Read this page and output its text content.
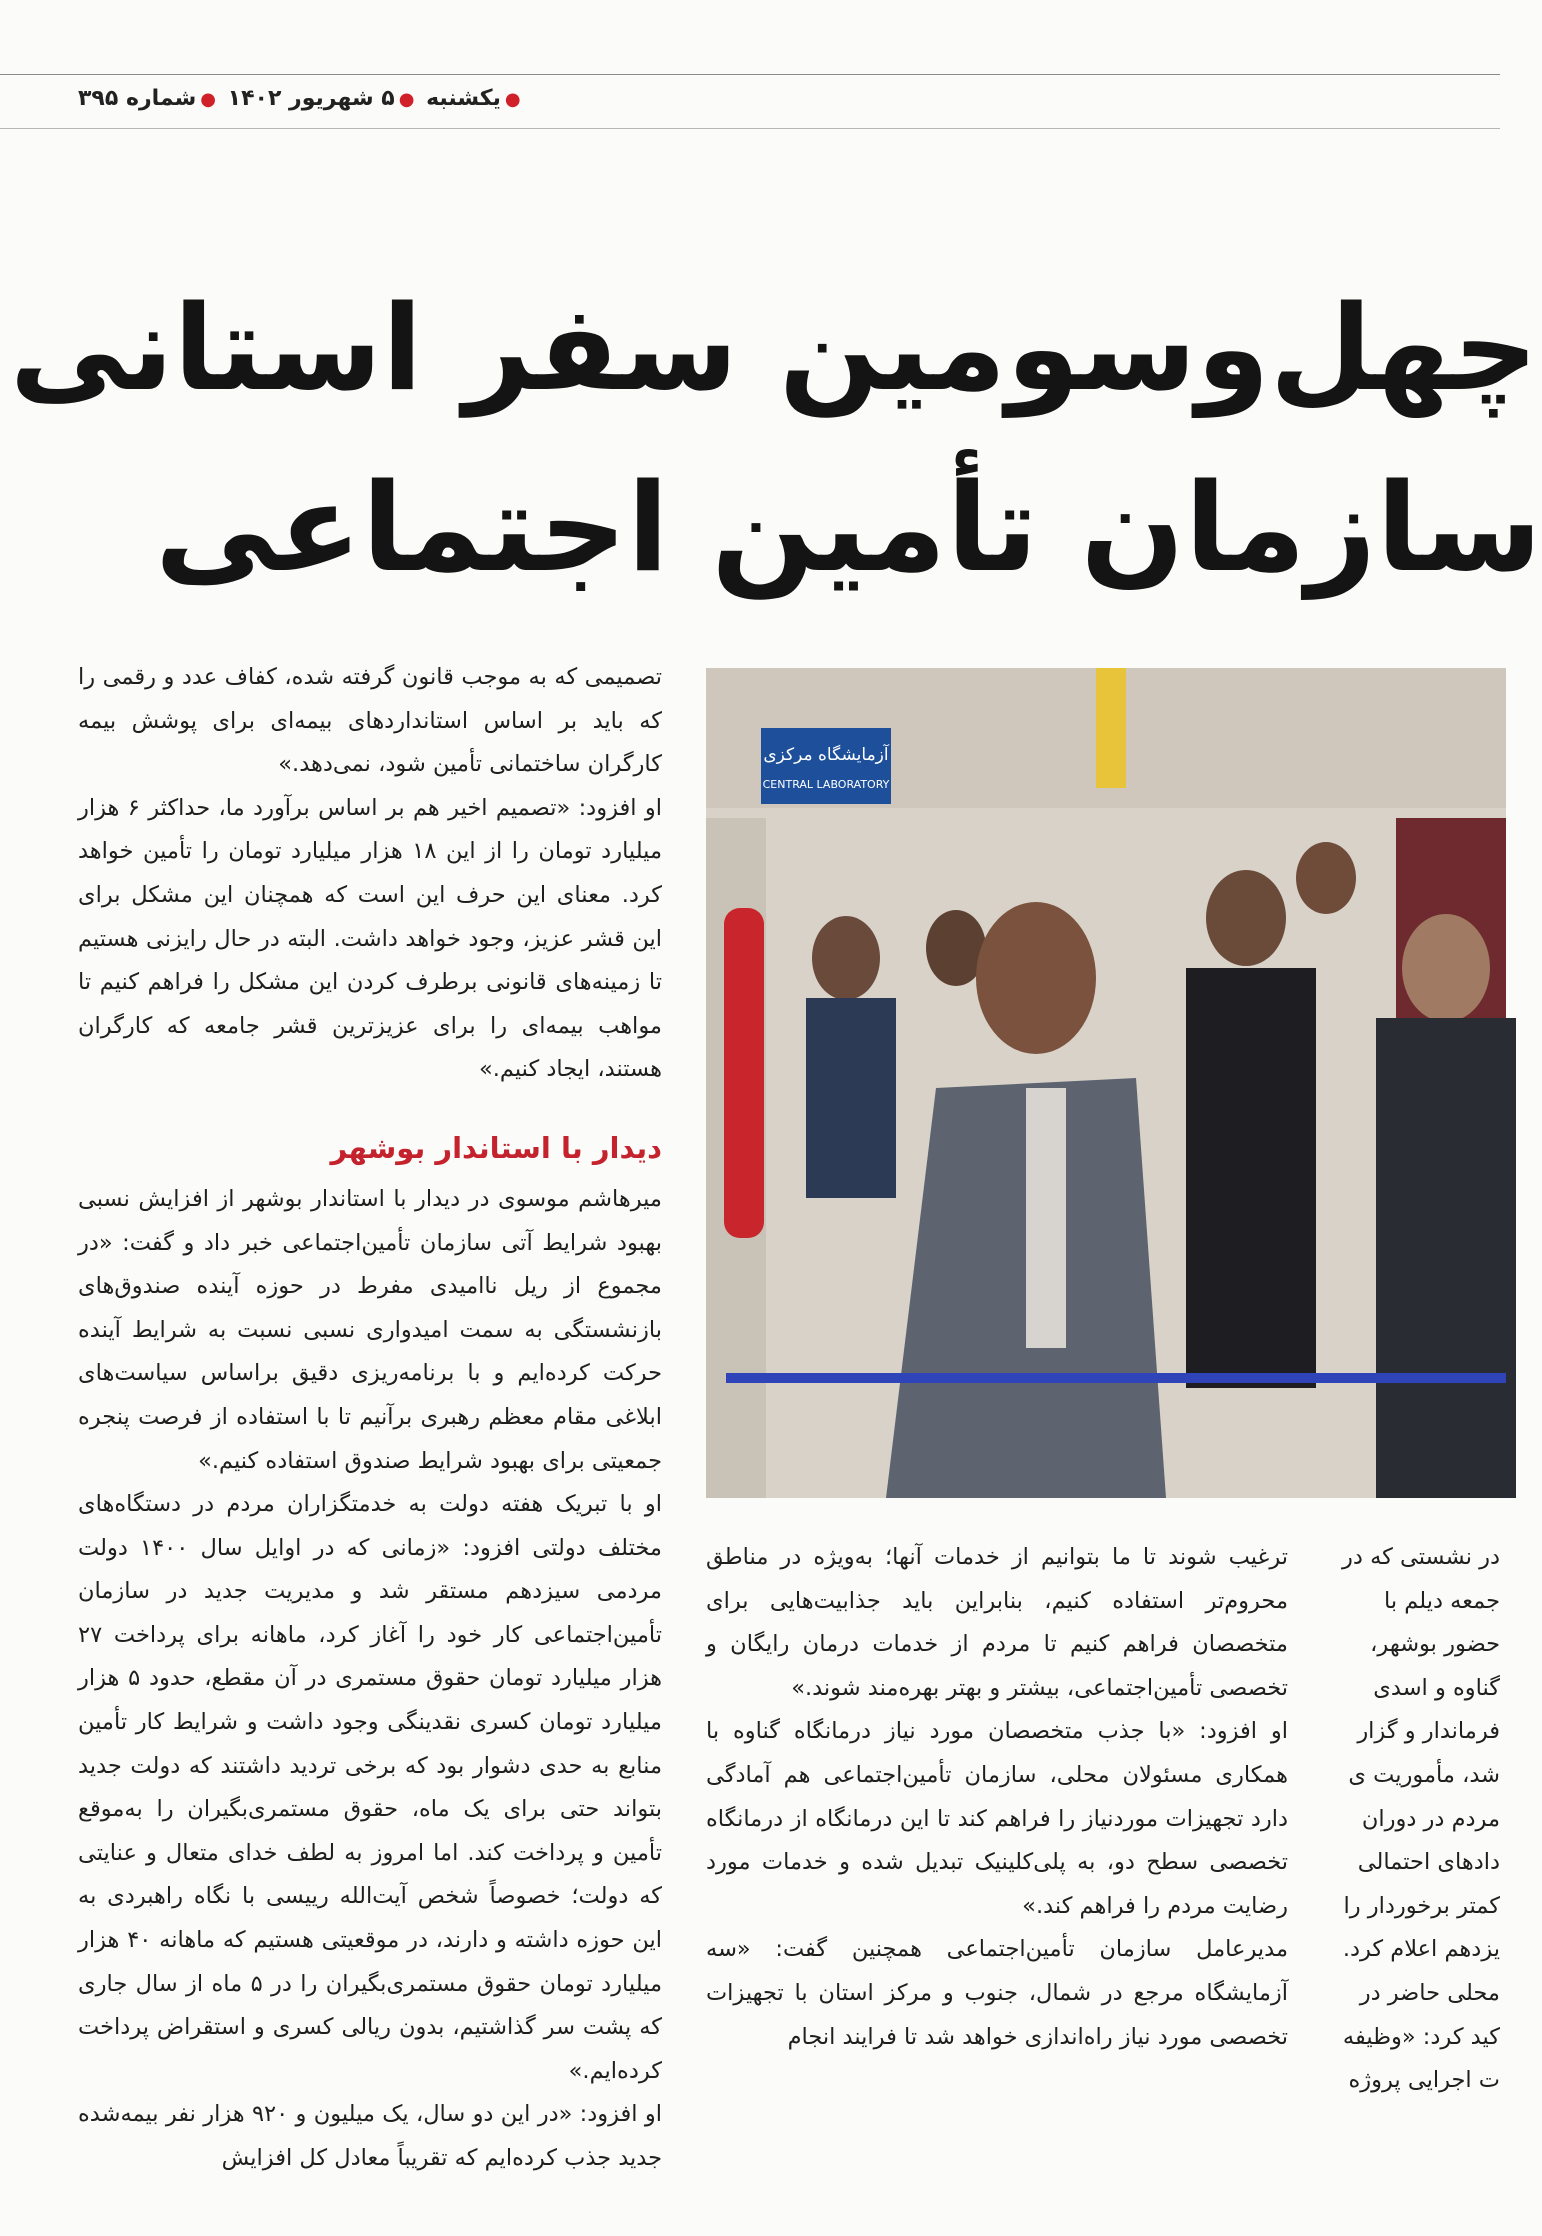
●یکشنبه ●۵ شهریور ۱۴۰۲ ●شماره ۳۹۵
چهل‌وسومین سفر استانی
سازمان تأمین اجتماعی
آزمایشگاه مرکزی
CENTRAL LABORATORY

تصمیمی که به موجب قانون گرفته شده، کفاف عدد و رقمی را که باید بر اساس استانداردهای بیمه‌ای برای پوشش بیمه کارگران ساختمانی تأمین شود، نمی‌دهد.»

او افزود: «تصمیم اخیر هم بر اساس برآورد ما، حداکثر ۶ هزار میلیارد تومان را از این ۱۸ هزار میلیارد تومان را تأمین خواهد کرد. معنای این حرف این است که همچنان این مشکل برای این قشر عزیز، وجود خواهد داشت. البته در حال رایزنی هستیم تا زمینه‌های قانونی برطرف کردن این مشکل را فراهم کنیم تا مواهب بیمه‌ای را برای عزیزترین قشر جامعه که کارگران هستند، ایجاد کنیم.»

دیدار با استاندار بوشهر

میرهاشم موسوی در دیدار با استاندار بوشهر از افزایش نسبی بهبود شرایط آتی سازمان تأمین‌اجتماعی خبر داد و گفت: «در مجموع از ریل ناامیدی مفرط در حوزه آینده صندوق‌های بازنشستگی به سمت امیدواری نسبی نسبت به شرایط آینده حرکت کرده‌ایم و با برنامه‌ریزی دقیق براساس سیاست‌های ابلاغی مقام معظم رهبری برآنیم تا با استفاده از فرصت پنجره جمعیتی برای بهبود شرایط صندوق استفاده کنیم.»

او با تبریک هفته دولت به خدمتگزاران مردم در دستگاه‌های مختلف دولتی افزود: «زمانی که در اوایل سال ۱۴۰۰ دولت مردمی سیزدهم مستقر شد و مدیریت جدید در سازمان تأمین‌اجتماعی کار خود را آغاز کرد، ماهانه برای پرداخت ۲۷ هزار میلیارد تومان حقوق مستمری در آن مقطع، حدود ۵ هزار میلیارد تومان کسری نقدینگی وجود داشت و شرایط کار تأمین منابع به حدی دشوار بود که برخی تردید داشتند که دولت جدید بتواند حتی برای یک ماه، حقوق مستمری‌بگیران را به‌موقع تأمین و پرداخت کند. اما امروز به لطف خدای متعال و عنایتی که دولت؛ خصوصاً شخص آیت‌الله رییسی با نگاه راهبردی به این حوزه داشته و دارند، در موقعیتی هستیم که ماهانه ۴۰ هزار میلیارد تومان حقوق مستمری‌بگیران را در ۵ ماه از سال جاری که پشت سر گذاشتیم، بدون ریالی کسری و استقراض پرداخت کرده‌ایم.»

او افزود: «در این دو سال، یک میلیون و ۹۲۰ هزار نفر بیمه‌شده جدید جذب کرده‌ایم که تقریباً معادل کل افزایش

ترغیب شوند تا ما بتوانیم از خدمات آنها؛ به‌ویژه در مناطق محروم‌تر استفاده کنیم، بنابراین باید جذابیت‌هایی برای متخصصان فراهم کنیم تا مردم از خدمات درمان رایگان و تخصصی تأمین‌اجتماعی، بیشتر و بهتر بهره‌مند شوند.»

او افزود: «با جذب متخصصان مورد نیاز درمانگاه گناوه با همکاری مسئولان محلی، سازمان تأمین‌اجتماعی هم آمادگی دارد تجهیزات موردنیاز را فراهم کند تا این درمانگاه از درمانگاه تخصصی سطح دو، به پلی‌کلینیک تبدیل شده و خدمات مورد رضایت مردم را فراهم کند.»

مدیرعامل سازمان تأمین‌اجتماعی همچنین گفت: «سه آزمایشگاه مرجع در شمال، جنوب و مرکز استان با تجهیزات تخصصی مورد نیاز راه‌اندازی خواهد شد تا فرایند انجام

در نشستی که در جمعه دیلم با حضور بوشهر، گناوه و اسدی فرماندار و گزار شد، مأموریت ی مردم در دوران دادهای احتمالی کمتر برخوردار را یزدهم اعلام کرد. محلی حاضر در کید کرد: «وظیفه ت اجرایی پروژه
